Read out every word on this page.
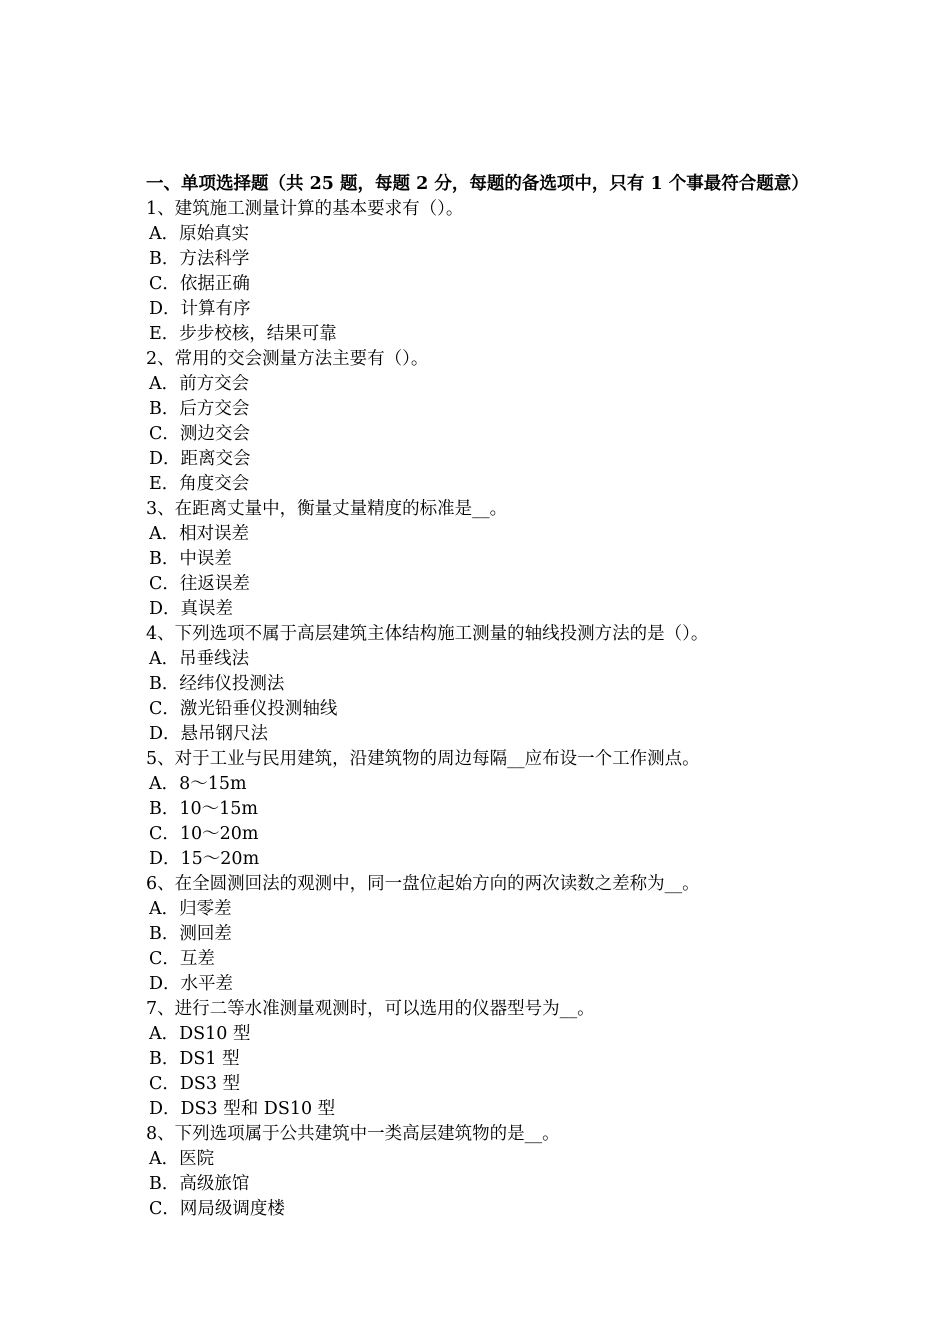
一、单项选择题（共 25 题，每题 2 分，每题的备选项中，只有 1 个事最符合题意）
1、建筑施工测量计算的基本要求有（）。
A．原始真实
B．方法科学
C．依据正确
D．计算有序
E．步步校核，结果可靠
2、常用的交会测量方法主要有（）。
A．前方交会
B．后方交会
C．测边交会
D．距离交会
E．角度交会
3、在距离丈量中，衡量丈量精度的标准是__。
A．相对误差
B．中误差
C．往返误差
D．真误差
4、下列选项不属于高层建筑主体结构施工测量的轴线投测方法的是（）。
A．吊垂线法
B．经纬仪投测法
C．激光铅垂仪投测轴线
D．悬吊钢尺法
5、对于工业与民用建筑，沿建筑物的周边每隔__应布设一个工作测点。
A．8～15m
B．10～15m
C．10～20m
D．15～20m
6、在全圆测回法的观测中，同一盘位起始方向的两次读数之差称为__。
A．归零差
B．测回差
C．互差
D．水平差
7、进行二等水准测量观测时，可以选用的仪器型号为__。
A．DS10 型
B．DS1 型
C．DS3 型
D．DS3 型和 DS10 型
8、下列选项属于公共建筑中一类高层建筑物的是__。
A．医院
B．高级旅馆
C．网局级调度楼
